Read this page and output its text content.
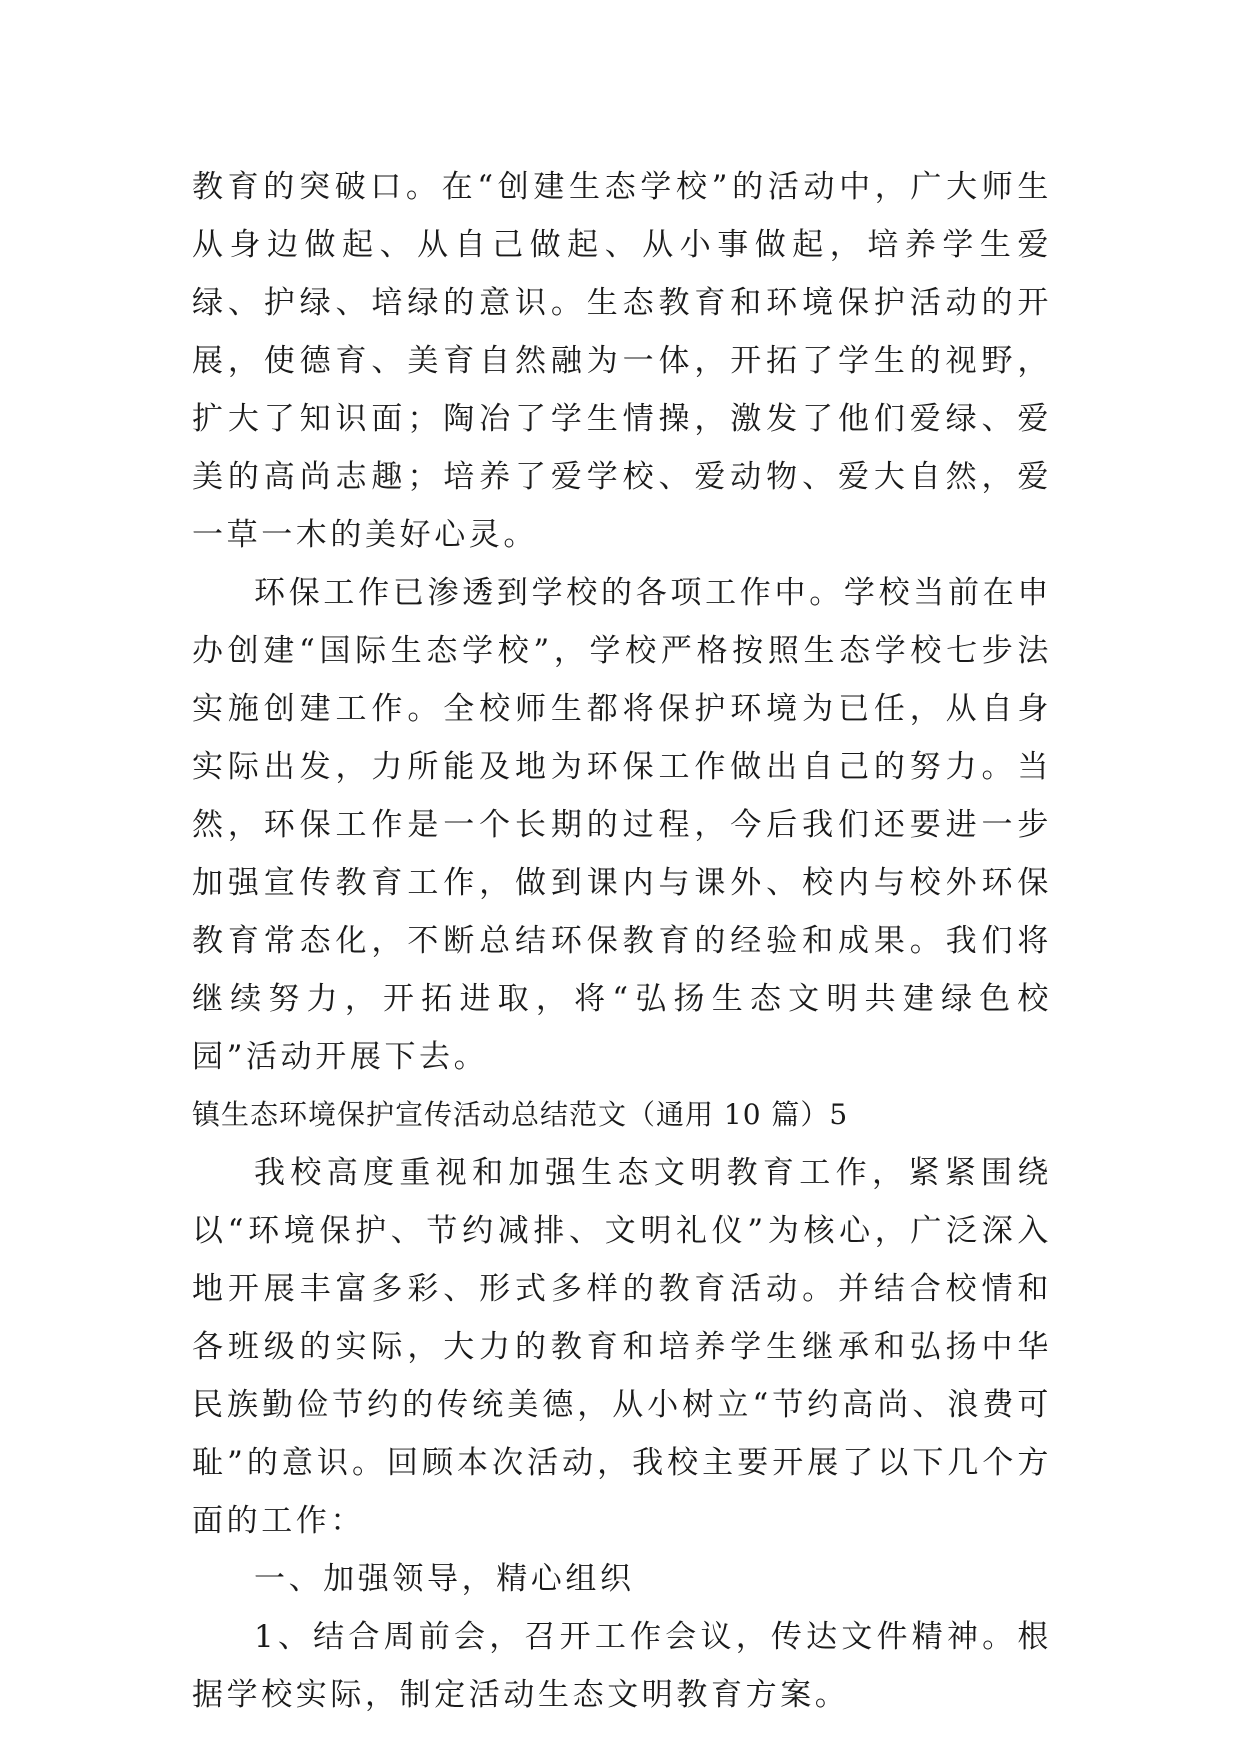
教育的突破口。在“创建生态学校”的活动中，广大师生从身边做起、从自己做起、从小事做起，培养学生爱绿、护绿、培绿的意识。生态教育和环境保护活动的开展，使德育、美育自然融为一体，开拓了学生的视野，扩大了知识面；陶冶了学生情操，激发了他们爱绿、爱美的高尚志趣；培养了爱学校、爱动物、爱大自然，爱一草一木的美好心灵。

环保工作已渗透到学校的各项工作中。学校当前在申办创建“国际生态学校”，学校严格按照生态学校七步法实施创建工作。全校师生都将保护环境为已任，从自身实际出发，力所能及地为环保工作做出自己的努力。当然，环保工作是一个长期的过程，今后我们还要进一步加强宣传教育工作，做到课内与课外、校内与校外环保教育常态化，不断总结环保教育的经验和成果。我们将继续努力，开拓进取，将“弘扬生态文明共建绿色校园”活动开展下去。

镇生态环境保护宣传活动总结范文（通用 10 篇）5

我校高度重视和加强生态文明教育工作，紧紧围绕以“环境保护、节约减排、文明礼仪”为核心，广泛深入地开展丰富多彩、形式多样的教育活动。并结合校情和各班级的实际，大力的教育和培养学生继承和弘扬中华民族勤俭节约的传统美德，从小树立“节约高尚、浪费可耻”的意识。回顾本次活动，我校主要开展了以下几个方面的工作：

一、加强领导，精心组织

1、结合周前会，召开工作会议，传达文件精神。根据学校实际，制定活动生态文明教育方案。
